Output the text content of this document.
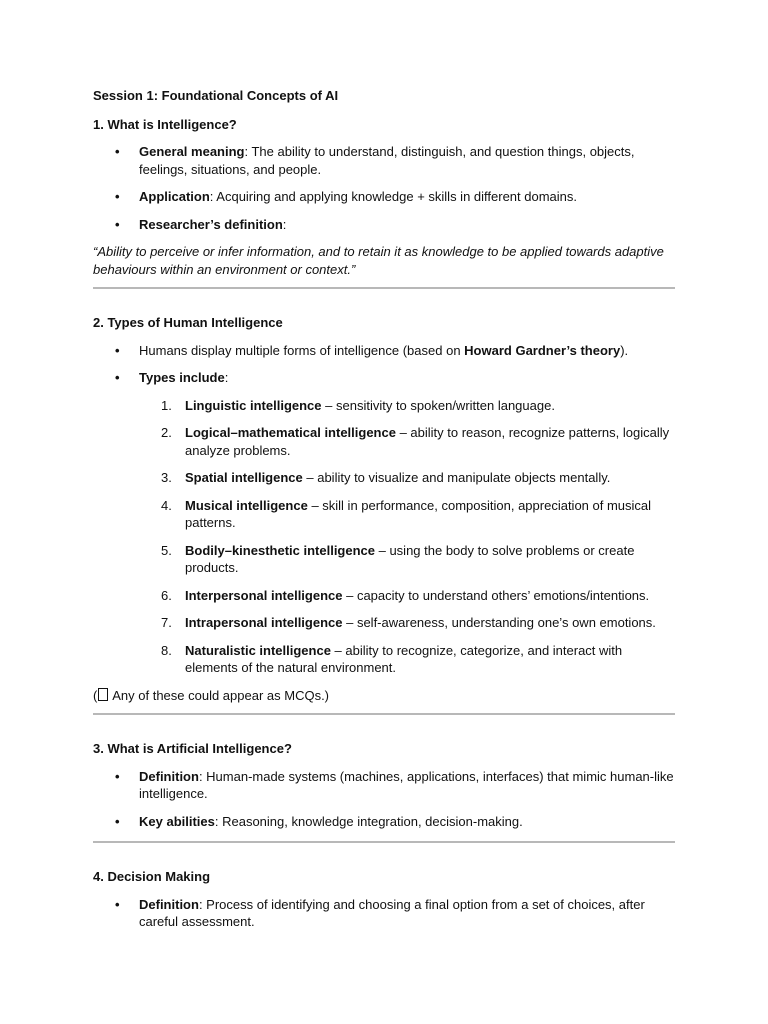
Session 1: Foundational Concepts of AI
1. What is Intelligence?
• General meaning: The ability to understand, distinguish, and question things, objects, feelings, situations, and people.
• Application: Acquiring and applying knowledge + skills in different domains.
• Researcher’s definition:
“Ability to perceive or infer information, and to retain it as knowledge to be applied towards adaptive behaviours within an environment or context.”
2. Types of Human Intelligence
• Humans display multiple forms of intelligence (based on Howard Gardner’s theory).
• Types include:
1. Linguistic intelligence – sensitivity to spoken/written language.
2. Logical–mathematical intelligence – ability to reason, recognize patterns, logically analyze problems.
3. Spatial intelligence – ability to visualize and manipulate objects mentally.
4. Musical intelligence – skill in performance, composition, appreciation of musical patterns.
5. Bodily–kinesthetic intelligence – using the body to solve problems or create products.
6. Interpersonal intelligence – capacity to understand others’ emotions/intentions.
7. Intrapersonal intelligence – self-awareness, understanding one’s own emotions.
8. Naturalistic intelligence – ability to recognize, categorize, and interact with elements of the natural environment.
( Any of these could appear as MCQs.)
3. What is Artificial Intelligence?
• Definition: Human-made systems (machines, applications, interfaces) that mimic human-like intelligence.
• Key abilities: Reasoning, knowledge integration, decision-making.
4. Decision Making
• Definition: Process of identifying and choosing a final option from a set of choices, after careful assessment.
